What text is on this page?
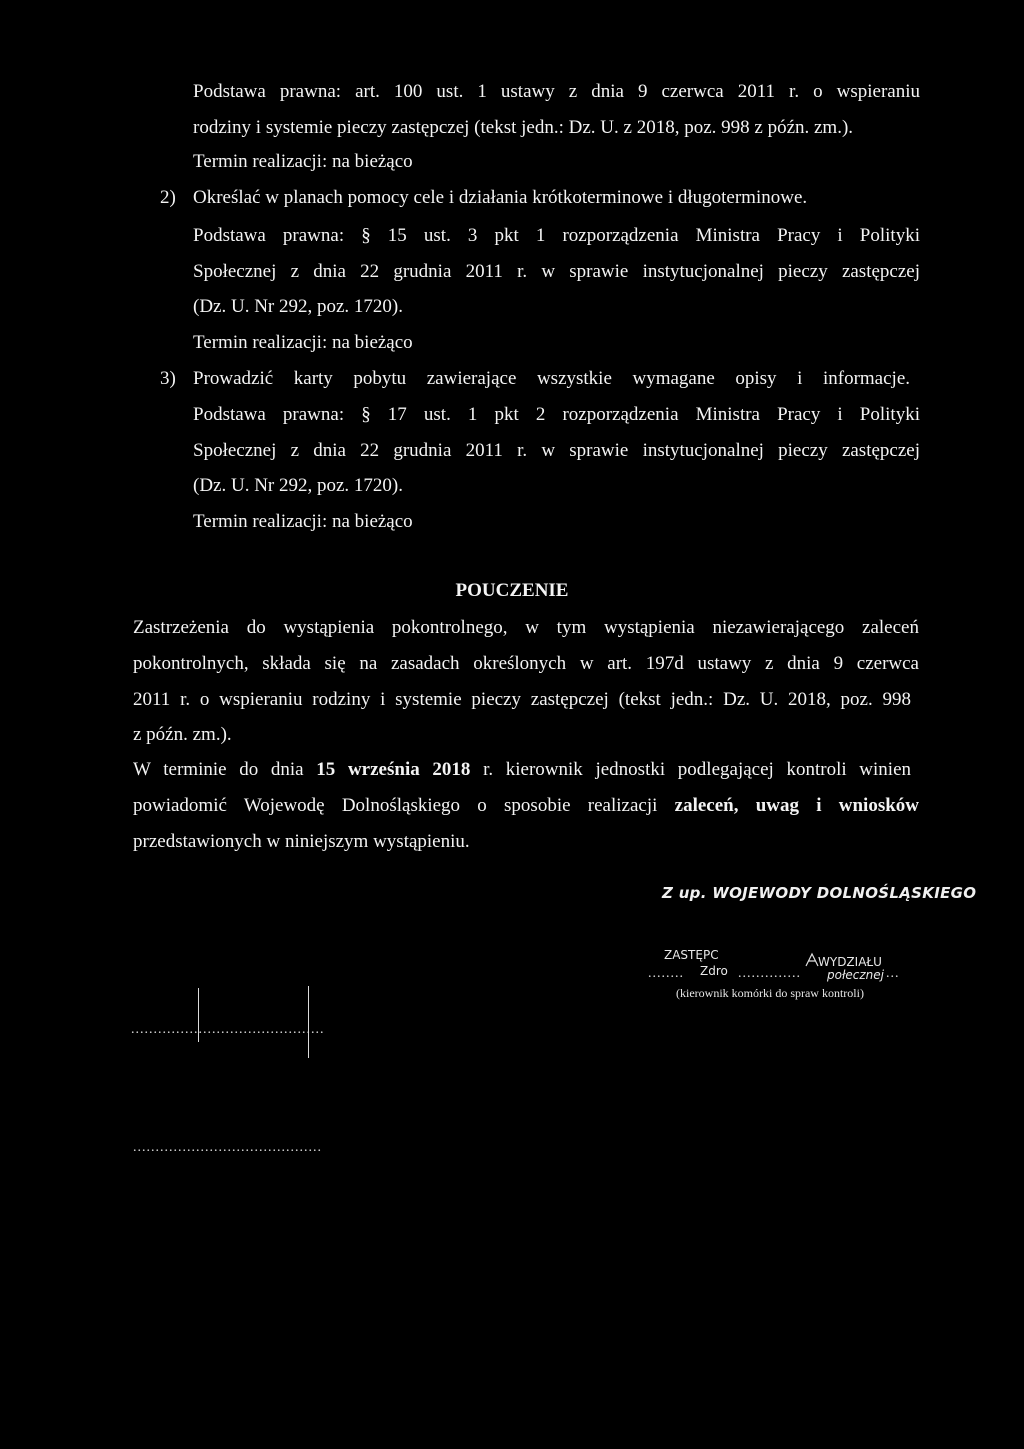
Podstawa prawna: art. 100 ust. 1 ustawy z dnia 9 czerwca 2011 r. o wspieraniu
rodziny i systemie pieczy zastępczej (tekst jedn.: Dz. U. z 2018, poz. 998 z późn. zm.).
Termin realizacji: na bieżąco
2) Określać w planach pomocy cele i działania krótkoterminowe i długoterminowe.
Podstawa prawna: § 15 ust. 3 pkt 1 rozporządzenia Ministra Pracy i Polityki
Społecznej z dnia 22 grudnia 2011 r. w sprawie instytucjonalnej pieczy zastępczej
(Dz. U. Nr 292, poz. 1720).
Termin realizacji: na bieżąco
3) Prowadzić karty pobytu zawierające wszystkie wymagane opisy i informacje.
Podstawa prawna: § 17 ust. 1 pkt 2 rozporządzenia Ministra Pracy i Polityki
Społecznej z dnia 22 grudnia 2011 r. w sprawie instytucjonalnej pieczy zastępczej
(Dz. U. Nr 292, poz. 1720).
Termin realizacji: na bieżąco
POUCZENIE
Zastrzeżenia do wystąpienia pokontrolnego, w tym wystąpienia niezawierającego zaleceń
pokontrolnych, składa się na zasadach określonych w art. 197d ustawy z dnia 9 czerwca
2011 r. o wspieraniu rodziny i systemie pieczy zastępczej (tekst jedn.: Dz. U. 2018, poz. 998
z późn. zm.).
W terminie do dnia 15 września 2018 r. kierownik jednostki podlegającej kontroli winien
powiadomić Wojewodę Dolnośląskiego o sposobie realizacji zaleceń, uwag i wniosków
przedstawionych w niniejszym wystąpieniu.
Z up. WOJEWODY DOLNOŚLĄSKIEGO
ZASTĘPC	WYDZIAŁU
........ Zdro .............. połecznej ...
(kierownik komórki do spraw kontroli)
...........................................
..........................................
